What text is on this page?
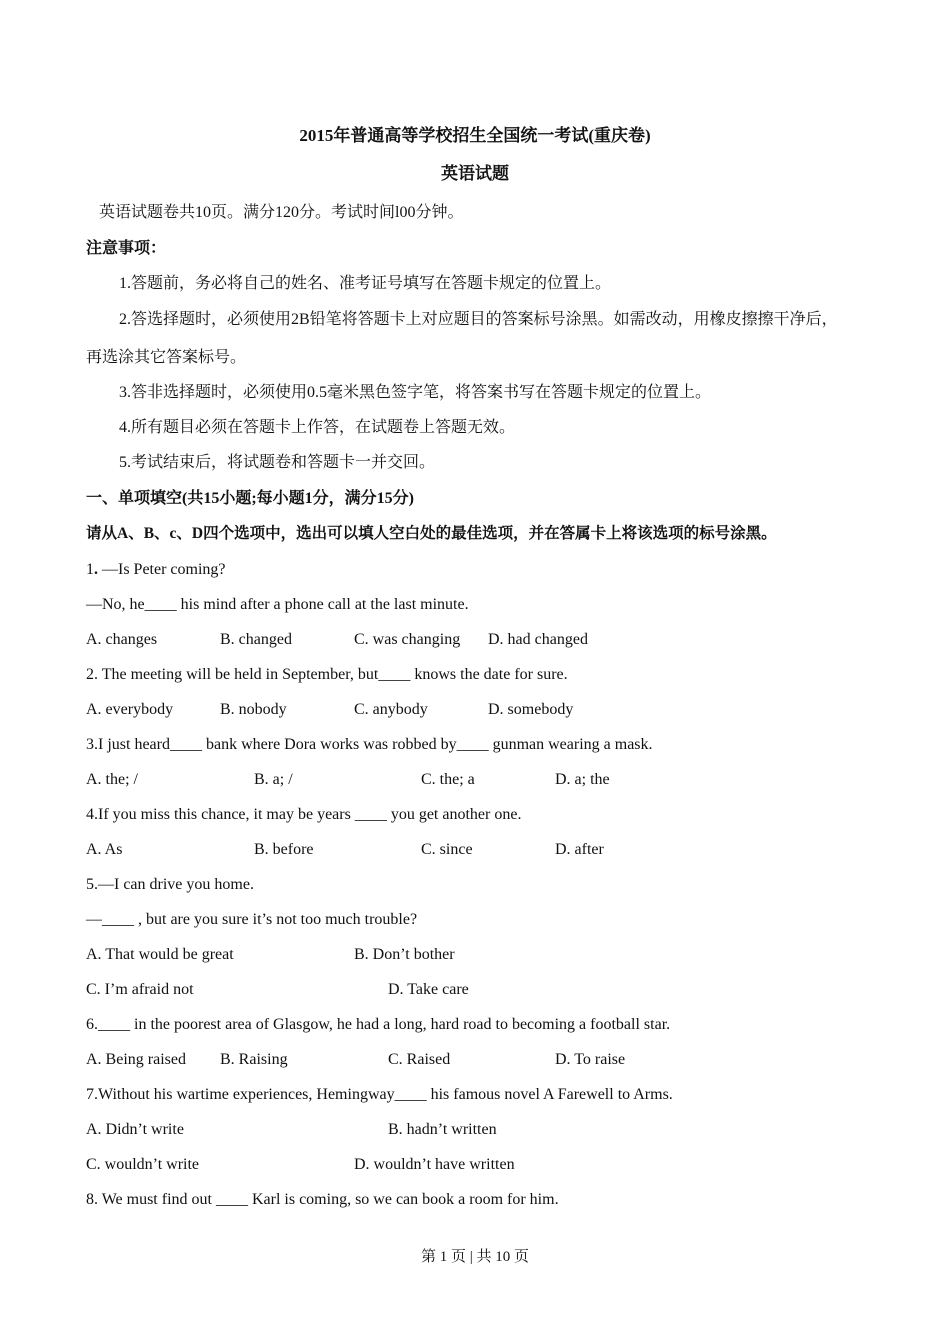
2015年普通高等学校招生全国统一考试(重庆卷)
英语试题
英语试题卷共10页。满分120分。考试时间l00分钟。
注意事项：
1.答题前，务必将自己的姓名、准考证号填写在答题卡规定的位置上。
2.答选择题时，必须使用2B铅笔将答题卡上对应题目的答案标号涂黑。如需改动，用橡皮擦擦干净后，
再选涂其它答案标号。
3.答非选择题时，必须使用0.5毫米黑色签字笔，将答案书写在答题卡规定的位置上。
4.所有题目必须在答题卡上作答，在试题卷上答题无效。
5.考试结束后，将试题卷和答题卡一并交回。
一、单项填空(共15小题;每小题1分，满分15分)
请从A、B、c、D四个选项中，选出可以填人空白处的最佳选项，并在答属卡上将该选项的标号涂黑。
1. —Is Peter coming?
—No, he____ his mind after a phone call at the last minute.
A. changes	B. changed	C. was changing D. had changed
2. The meeting will be held in September, but____ knows the date for sure.
A. everybody	B. nobody	C. anybody	D. somebody
3.I just heard____ bank where Dora works was robbed by____ gunman wearing a mask.
A. the; /	B. a; /	C. the; a	D. a; the
4.If you miss this chance, it may be years ____ you get another one.
A. As	B. before	C. since	D. after
5.—I can drive you home.
—____ , but are you sure it’s not too much trouble?
A. That would be great	B. Don’t bother
C. I’m afraid not	D. Take care
6.____ in the poorest area of Glasgow, he had a long, hard road to becoming a football star.
A. Being raised B. Raising	C. Raised	D. To raise
7.Without his wartime experiences, Hemingway____ his famous novel A Farewell to Arms.
A. Didn’t write	B. hadn’t written
C. wouldn’t write	D. wouldn’t have written
8. We must find out ____ Karl is coming, so we can book a room for him.
第 1 页 | 共 10 页
